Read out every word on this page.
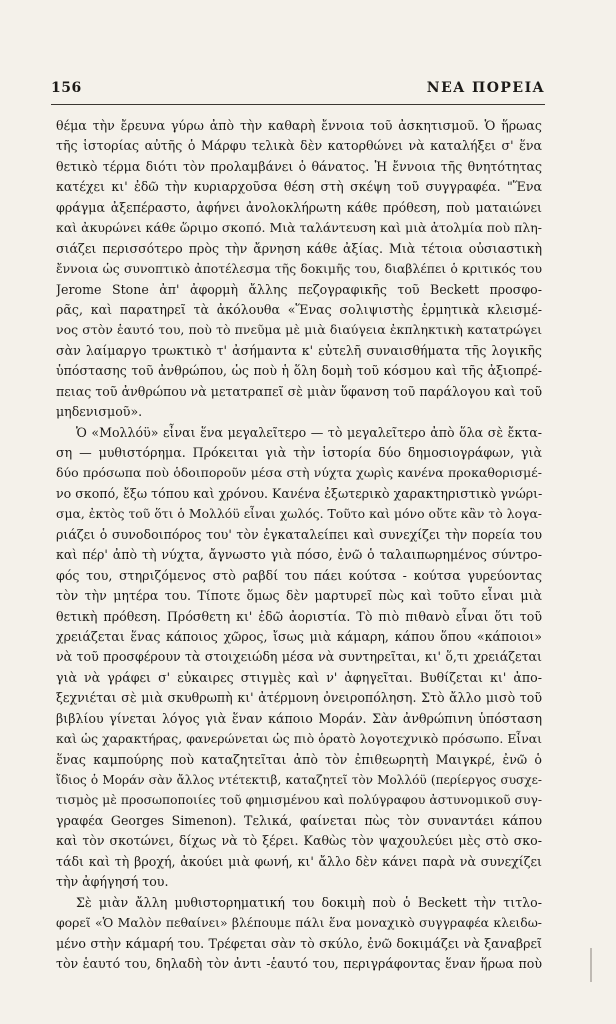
156	ΝΕΑ ΠΟΡΕΙΑ
θέμα τὴν ἔρευνα γύρω ἀπὸ τὴν καθαρὴ ἔννοια τοῦ ἀσκητισμοῦ. Ὁ ἥρωας
τῆς ἱστορίας αὐτῆς ὁ Μάρφυ τελικὰ δὲν κατορθώνει νὰ καταλήξει σ' ἕνα
θετικὸ τέρμα διότι τὸν προλαμβάνει ὁ θάνατος. Ἡ ἔννοια τῆς θνητότητας
κατέχει κι' ἐδῶ τὴν κυριαρχοῦσα θέση στὴ σκέψη τοῦ συγγραφέα. "Ἕνα
φράγμα ἀξεπέραστο, ἀφήνει ἀνολοκλήρωτη κάθε πρόθεση, ποὺ ματαιώνει
καὶ ἀκυρώνει κάθε ὥριμο σκοπό. Μιὰ ταλάντευση καὶ μιὰ ἀτολμία ποὺ πλη-
σιάζει περισσότερο πρὸς τὴν ἄρνηση κάθε ἀξίας. Μιὰ τέτοια οὐσιαστικὴ
ἔννοια ὡς συνοπτικὸ ἀποτέλεσμα τῆς δοκιμῆς του, διαβλέπει ὁ κριτικός του
Jerome Stone ἀπ' ἀφορμὴ ἄλλης πεζογραφικῆς τοῦ Beckett προσφο-
ρᾶς, καὶ παρατηρεῖ τὰ ἀκόλουθα «Ἕνας σολιψιστὴς ἐρμητικὰ κλεισμέ-
νος στὸν ἑαυτό του, ποὺ τὸ πνεῦμα μὲ μιὰ διαύγεια ἐκπληκτικὴ κατατρώγει
σὰν λαίμαργο τρωκτικὸ τ' ἀσήμαντα κ' εὐτελῆ συναισθήματα τῆς λογικῆς
ὑπόστασης τοῦ ἀνθρώπου, ὡς ποὺ ἡ ὅλη δομὴ τοῦ κόσμου καὶ τῆς ἀξιοπρέ-
πειας τοῦ ἀνθρώπου νὰ μετατραπεῖ σὲ μιὰν ὕφανση τοῦ παράλογου καὶ τοῦ
μηδενισμοῦ».
Ὁ «Μολλόϋ» εἶναι ἕνα μεγαλεῖτερο — τὸ μεγαλεῖτερο ἀπὸ ὅλα σὲ ἔκτα-
ση — μυθιστόρημα. Πρόκειται γιὰ τὴν ἱστορία δύο δημοσιογράφων, γιὰ
δύο πρόσωπα ποὺ ὁδοιποροῦν μέσα στὴ νύχτα χωρὶς κανένα προκαθορισμέ-
νο σκοπό, ἔξω τόπου καὶ χρόνου. Κανένα ἐξωτερικὸ χαρακτηριστικὸ γνώρι-
σμα, ἐκτὸς τοῦ ὅτι ὁ Μολλόϋ εἶναι χωλός. Τοῦτο καὶ μόνο οὔτε κἂν τὸ λογα-
ριάζει ὁ συνοδοιπόρος του' τὸν ἐγκαταλείπει καὶ συνεχίζει τὴν πορεία του
καὶ πέρ' ἀπὸ τὴ νύχτα, ἄγνωστο γιὰ πόσο, ἐνῶ ὁ ταλαιπωρημένος σύντρο-
φός του, στηριζόμενος στὸ ραβδί του πάει κούτσα - κούτσα γυρεύοντας
τὸν τὴν μητέρα του. Τίποτε ὅμως δὲν μαρτυρεῖ πὼς καὶ τοῦτο εἶναι μιὰ
θετικὴ πρόθεση. Πρόσθετη κι' ἐδῶ ἀοριστία. Τὸ πιὸ πιθανὸ εἶναι ὅτι τοῦ
χρειάζεται ἕνας κάποιος χῶρος, ἴσως μιὰ κάμαρη, κάπου ὅπου «κάποιοι»
νὰ τοῦ προσφέρουν τὰ στοιχειώδη μέσα νὰ συντηρεῖται, κι' ὅ,τι χρειάζεται
γιὰ νὰ γράφει σ' εὐκαιρες στιγμὲς καὶ ν' ἀφηγεῖται. Βυθίζεται κι' ἀπο-
ξεχνιέται σὲ μιὰ σκυθρωπὴ κι' ἀτέρμονη ὀνειροπόληση. Στὸ ἄλλο μισὸ τοῦ
βιβλίου γίνεται λόγος γιὰ ἕναν κάποιο Μοράν. Σὰν ἀνθρώπινη ὑπόσταση
καὶ ὡς χαρακτήρας, φανερώνεται ὡς πιὸ ὁρατὸ λογοτεχνικὸ πρόσωπο. Εἶναι
ἕνας καμπούρης ποὺ καταζητεῖται ἀπὸ τὸν ἐπιθεωρητὴ Μαιγκρέ, ἐνῶ ὁ
ἴδιος ὁ Μοράν σὰν ἄλλος ντέτεκτιβ, καταζητεῖ τὸν Μολλόϋ (περίεργος συσχε-
τισμὸς μὲ προσωποποιίες τοῦ φημισμένου καὶ πολύγραφου ἀστυνομικοῦ συγ-
γραφέα Georges Simenon). Τελικά, φαίνεται πὼς τὸν συναντάει κάπου
καὶ τὸν σκοτώνει, δίχως νὰ τὸ ξέρει. Καθὼς τὸν ψαχουλεύει μὲς στὸ σκο-
τάδι καὶ τὴ βροχή, ἀκούει μιὰ φωνή, κι' ἄλλο δὲν κάνει παρὰ νὰ συνεχίζει
τὴν ἀφήγησή του.
Σὲ μιὰν ἄλλη μυθιστορηματική του δοκιμὴ ποὺ ὁ Beckett τὴν τιτλο-
φορεῖ «Ὁ Μαλὸν πεθαίνει» βλέπουμε πάλι ἕνα μοναχικὸ συγγραφέα κλειδω-
μένο στὴν κάμαρή του. Τρέφεται σὰν τὸ σκύλο, ἐνῶ δοκιμάζει νὰ ξαναβρεῖ
τὸν ἑαυτό του, δηλαδὴ τὸν ἀντι -ἑαυτό του, περιγράφοντας ἕναν ἥρωα ποὺ
